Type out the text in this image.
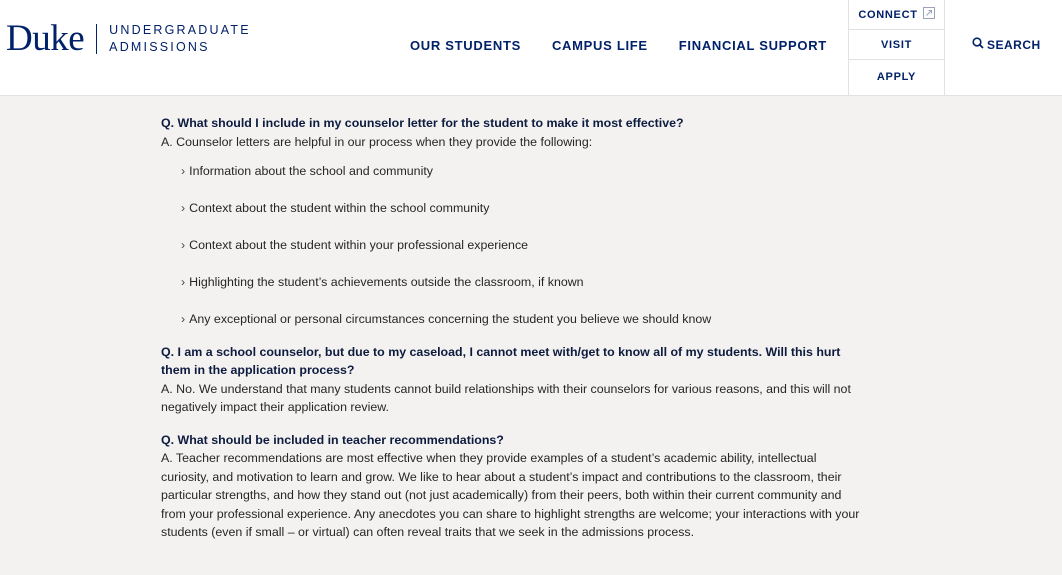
Duke UNDERGRADUATE
ADMISSIONS	OUR STUDENTS CAMPUS LIFE FINANCIAL SUPPORT
CONNECT
VISIT
APPLY
SEARCH
Q. What should I include in my counselor letter for the student to make it most effective?
A. Counselor letters are helpful in our process when they provide the following:
› Information about the school and community
› Context about the student within the school community
› Context about the student within your professional experience
› Highlighting the student’s achievements outside the classroom, if known
› Any exceptional or personal circumstances concerning the student you believe we should know
Q. I am a school counselor, but due to my caseload, I cannot meet with/get to know all of my students. Will this hurt them in the application process?
A. No. We understand that many students cannot build relationships with their counselors for various reasons, and this will not negatively impact their application review.
Q. What should be included in teacher recommendations?
A. Teacher recommendations are most effective when they provide examples of a student’s academic ability, intellectual curiosity, and motivation to learn and grow. We like to hear about a student’s impact and contributions to the classroom, their particular strengths, and how they stand out (not just academically) from their peers, both within their current community and from your professional experience. Any anecdotes you can share to highlight strengths are welcome; your interactions with your students (even if small – or virtual) can often reveal traits that we seek in the admissions process.
